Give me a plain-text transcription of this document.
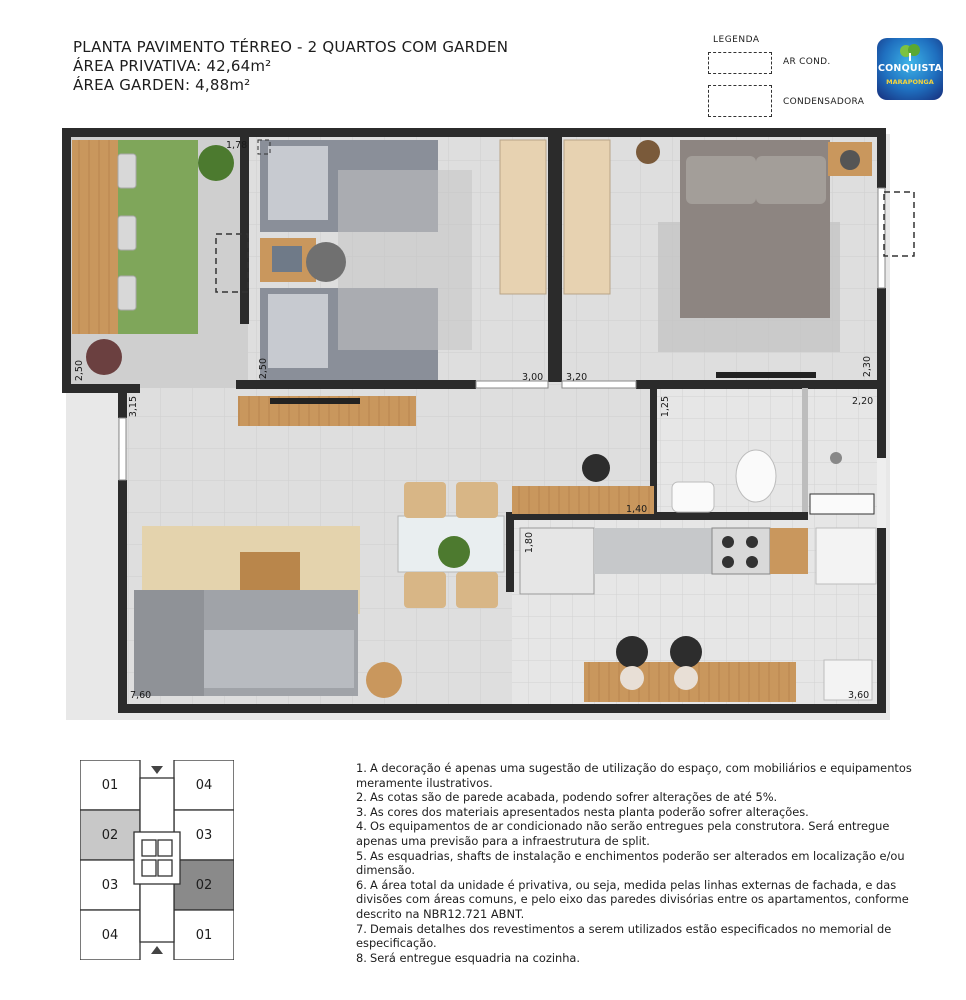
PLANTA PAVIMENTO TÉRREO - 2 QUARTOS COM GARDEN
ÁREA PRIVATIVA: 42,64m²
ÁREA GARDEN: 4,88m²
LEGENDA
AR COND.
CONDENSADORA
CONQUISTA
MARAPONGA
1,78
2,50	2,50	3,00 3,20
2,30
3,15	1,25	2,20
1,40
1,80
7,60	3,60
01	04
02	03
03	02
04	01
1. A decoração é apenas uma sugestão de utilização do espaço, com mobiliários e equipamentos meramente ilustrativos.
2. As cotas são de parede acabada, podendo sofrer alterações de até 5%.
3. As cores dos materiais apresentados nesta planta poderão sofrer alterações.
4. Os equipamentos de ar condicionado não serão entregues pela construtora. Será entregue apenas uma previsão para a infraestrutura de split.
5. As esquadrias, shafts de instalação e enchimentos poderão ser alterados em localização e/ou dimensão.
6. A área total da unidade é privativa, ou seja, medida pelas linhas externas de fachada, e das divisões com áreas comuns, e pelo eixo das paredes divisórias entre os apartamentos, conforme descrito na NBR12.721 ABNT.
7. Demais detalhes dos revestimentos a serem utilizados estão especificados no memorial de especificação.
8. Será entregue esquadria na cozinha.
